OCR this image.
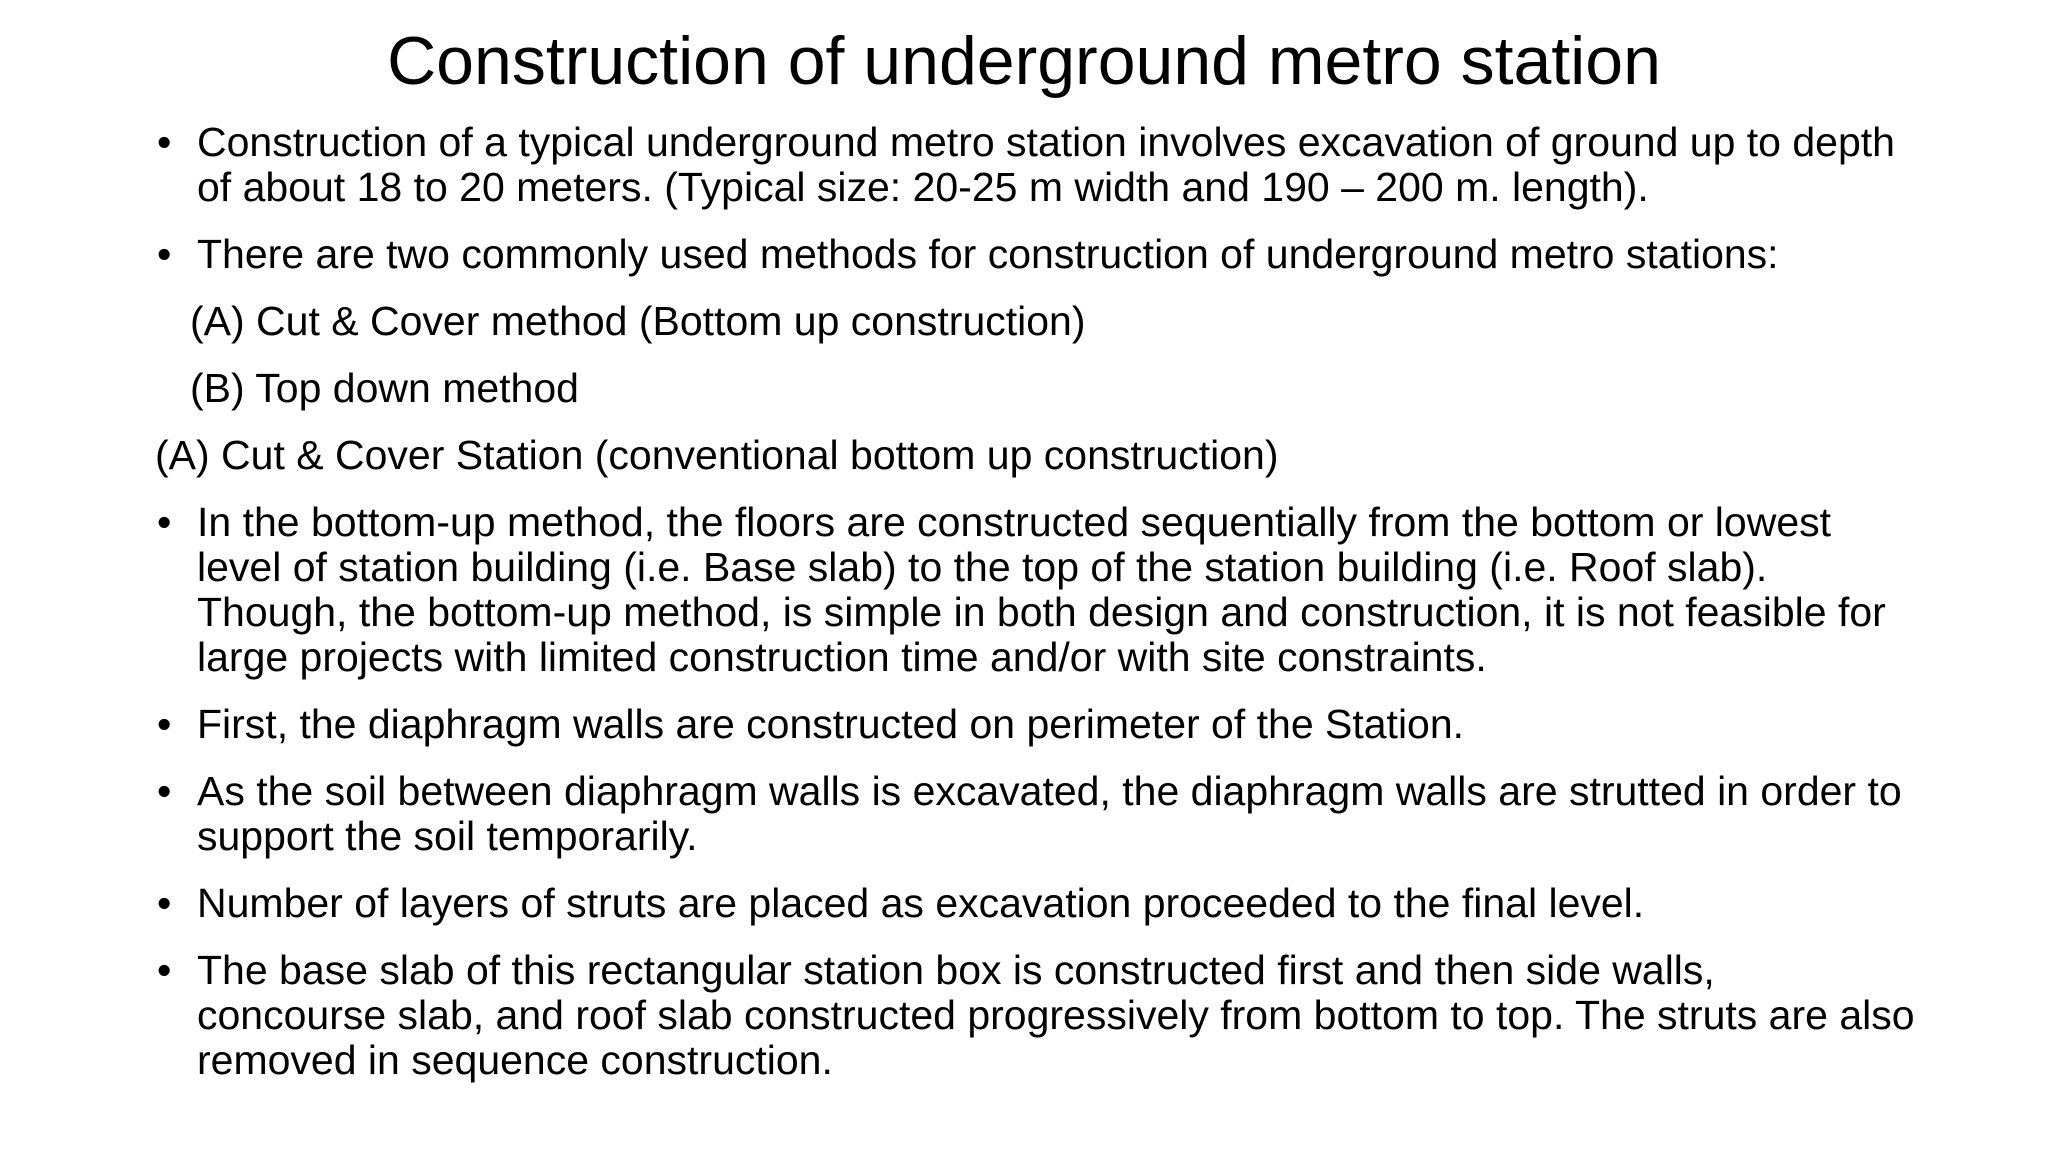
Construction of underground metro station
• Construction of a typical underground metro station involves excavation of ground up to depth of about 18 to 20 meters. (Typical size: 20-25 m width and 190 – 200 m. length).
• There are two commonly used methods for construction of underground metro stations:
(A) Cut & Cover method (Bottom up construction)
(B) Top down method
(A) Cut & Cover Station (conventional bottom up construction)
• In the bottom-up method, the floors are constructed sequentially from the bottom or lowest level of station building (i.e. Base slab) to the top of the station building (i.e. Roof slab). Though, the bottom-up method, is simple in both design and construction, it is not feasible for large projects with limited construction time and/or with site constraints.
• First, the diaphragm walls are constructed on perimeter of the Station.
• As the soil between diaphragm walls is excavated, the diaphragm walls are strutted in order to support the soil temporarily.
• Number of layers of struts are placed as excavation proceeded to the final level.
• The base slab of this rectangular station box is constructed first and then side walls, concourse slab, and roof slab constructed progressively from bottom to top. The struts are also removed in sequence construction.
